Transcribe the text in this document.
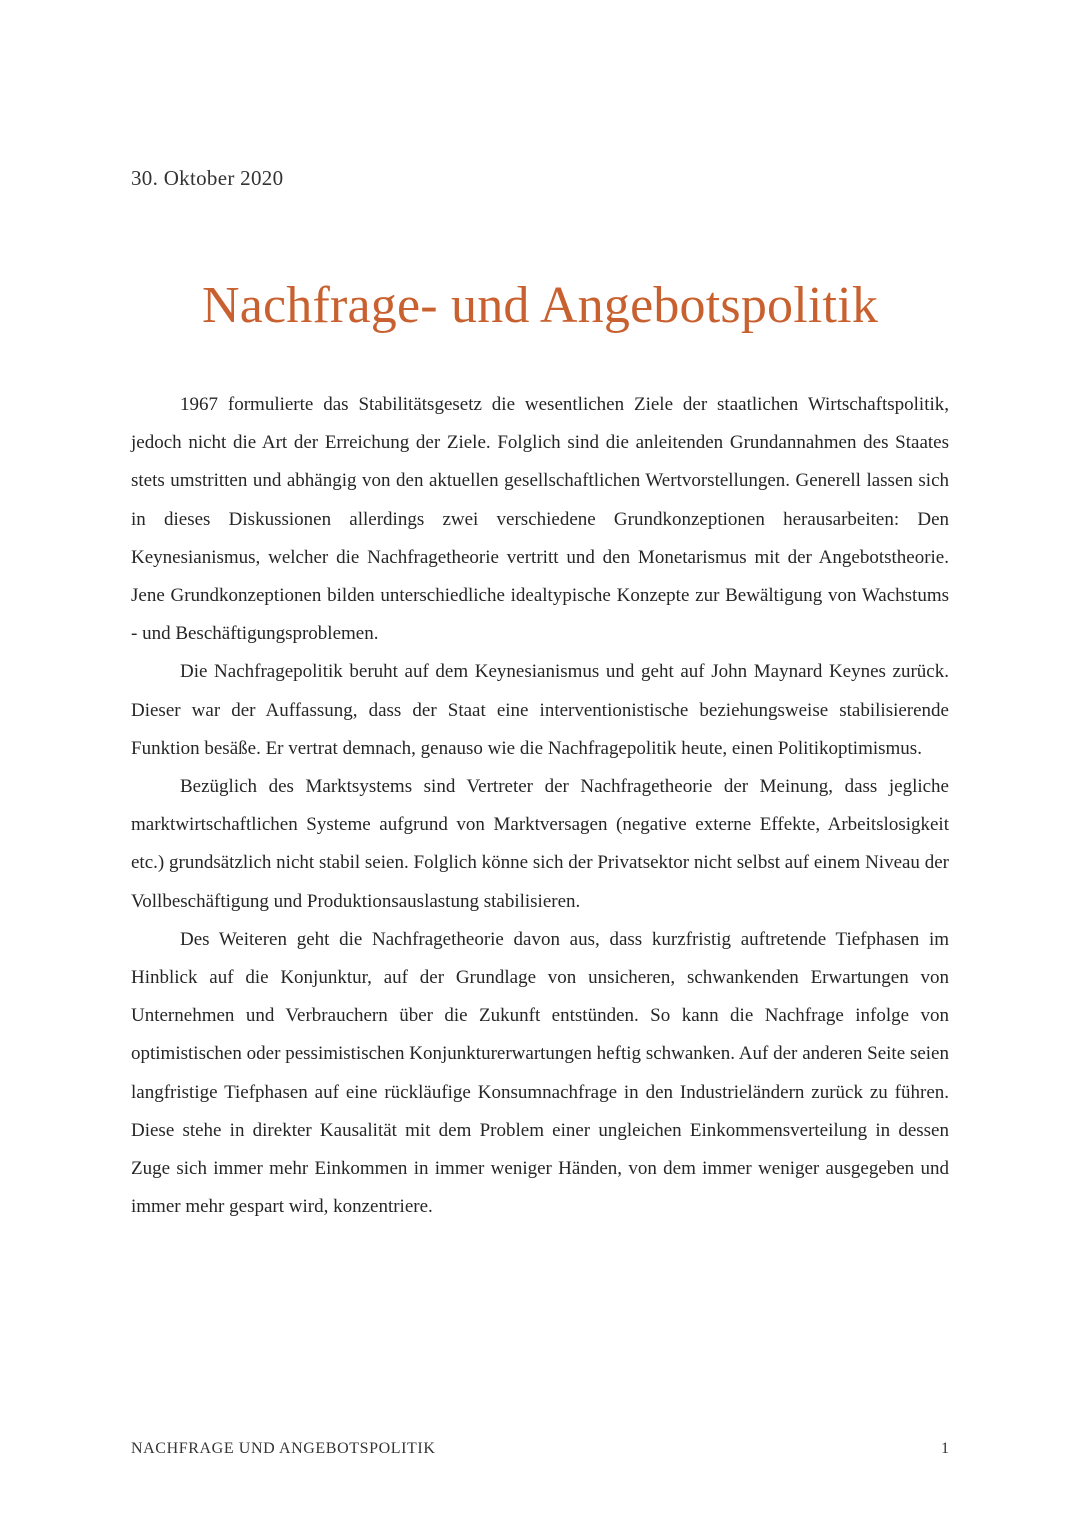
30. Oktober 2020
Nachfrage- und Angebotspolitik

1967 formulierte das Stabilitätsgesetz die wesentlichen Ziele der staatlichen Wirtschaftspolitik, jedoch nicht die Art der Erreichung der Ziele. Folglich sind die anleitenden Grundannahmen des Staates stets umstritten und abhängig von den aktuellen gesellschaftlichen Wertvorstellungen. Generell lassen sich in dieses Diskussionen allerdings zwei verschiedene Grundkonzeptionen herausarbeiten: Den Keynesianismus, welcher die Nachfragetheorie vertritt und den Monetarismus mit der Angebotstheorie. Jene Grundkonzeptionen bilden unterschiedliche idealtypische Konzepte zur Bewältigung von Wachstums - und Beschäftigungsproblemen.

Die Nachfragepolitik beruht auf dem Keynesianismus und geht auf John Maynard Keynes zurück. Dieser war der Auffassung, dass der Staat eine interventionistische beziehungsweise stabilisierende Funktion besäße. Er vertrat demnach, genauso wie die Nachfragepolitik heute, einen Politikoptimismus.

Bezüglich des Marktsystems sind Vertreter der Nachfragetheorie der Meinung, dass jegliche marktwirtschaftlichen Systeme aufgrund von Marktversagen (negative externe Effekte, Arbeitslosigkeit etc.) grundsätzlich nicht stabil seien. Folglich könne sich der Privatsektor nicht selbst auf einem Niveau der Vollbeschäftigung und Produktionsauslastung stabilisieren.

Des Weiteren geht die Nachfragetheorie davon aus, dass kurzfristig auftretende Tiefphasen im Hinblick auf die Konjunktur, auf der Grundlage von unsicheren, schwankenden Erwartungen von Unternehmen und Verbrauchern über die Zukunft entstünden. So kann die Nachfrage infolge von optimistischen oder pessimistischen Konjunkturerwartungen heftig schwanken. Auf der anderen Seite seien langfristige Tiefphasen auf eine rückläufige Konsumnachfrage in den Industrieländern zurück zu führen. Diese stehe in direkter Kausalität mit dem Problem einer ungleichen Einkommensverteilung in dessen Zuge sich immer mehr Einkommen in immer weniger Händen, von dem immer weniger ausgegeben und immer mehr gespart wird, konzentriere.

NACHFRAGE UND ANGEBOTSPOLITIK	1
